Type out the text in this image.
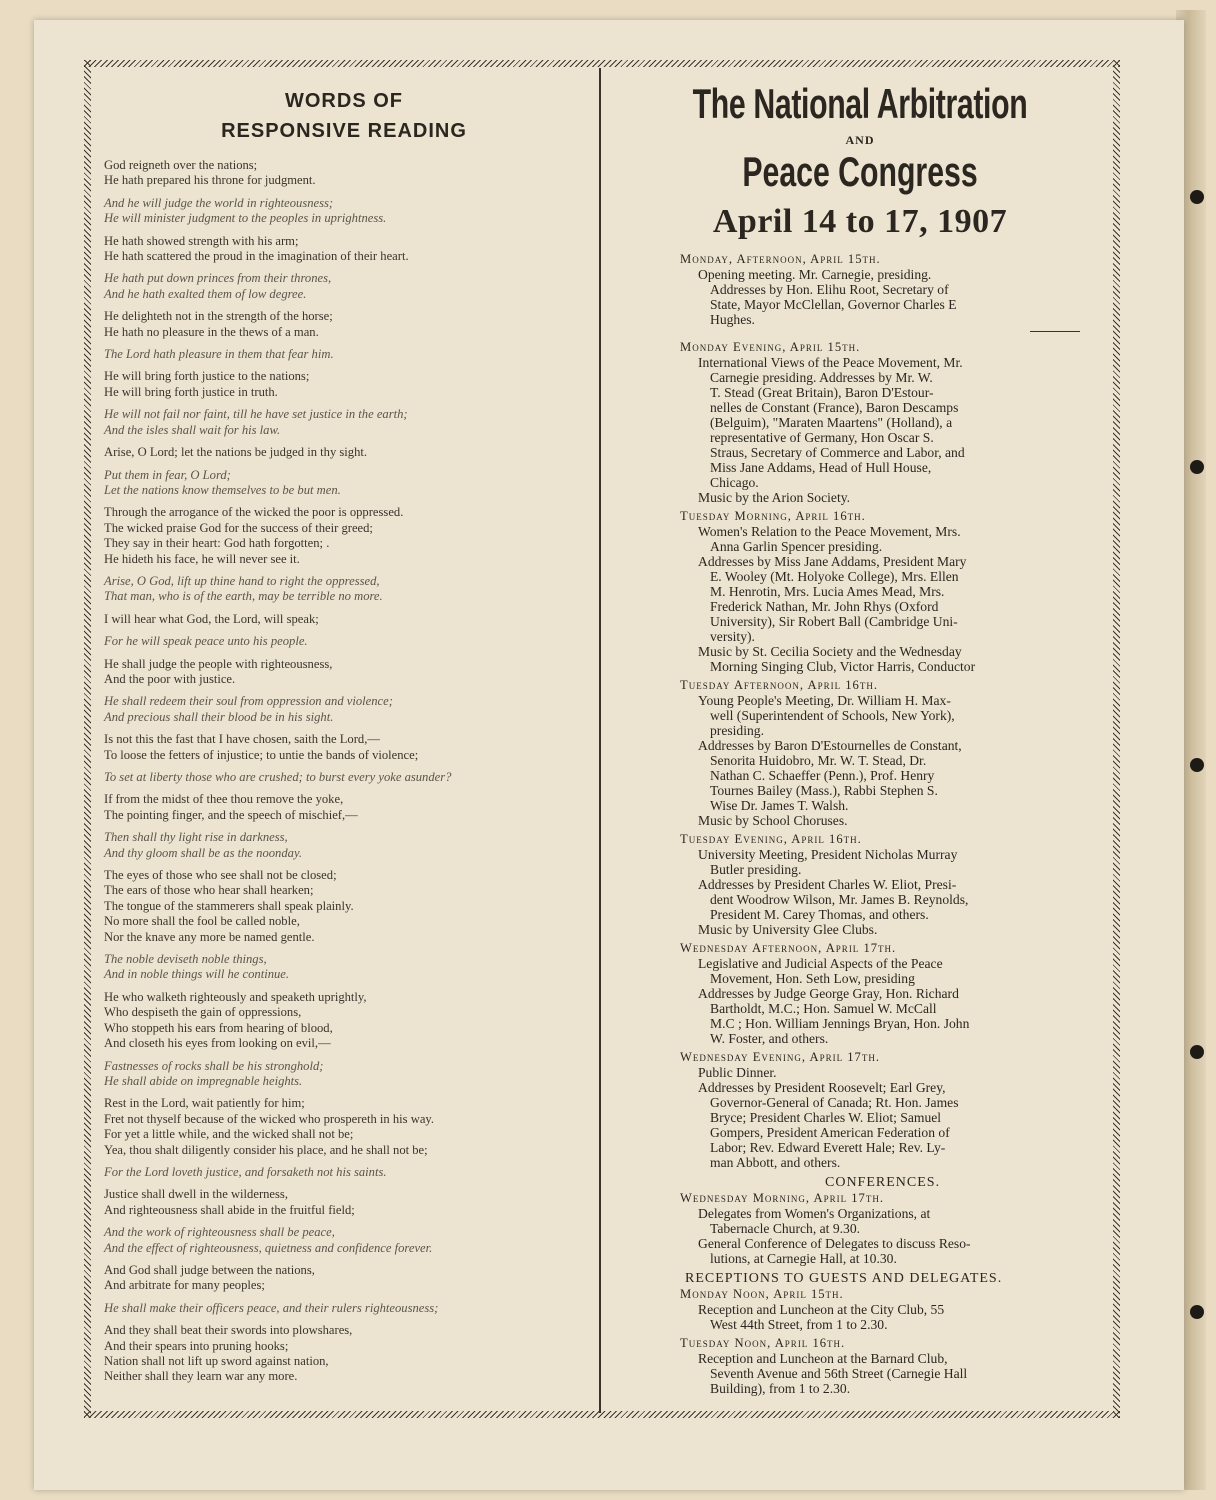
WORDS OF
RESPONSIVE READING
God reigneth over the nations;
He hath prepared his throne for judgment.
And he will judge the world in righteousness;
He will minister judgment to the peoples in uprightness.
He hath showed strength with his arm;
He hath scattered the proud in the imagination of their heart.
He hath put down princes from their thrones,
And he hath exalted them of low degree.
He delighteth not in the strength of the horse;
He hath no pleasure in the thews of a man.
The Lord hath pleasure in them that fear him.
He will bring forth justice to the nations;
He will bring forth justice in truth.
He will not fail nor faint, till he have set justice in the earth;
And the isles shall wait for his law.
Arise, O Lord; let the nations be judged in thy sight.
Put them in fear, O Lord;
Let the nations know themselves to be but men.
Through the arrogance of the wicked the poor is oppressed.
The wicked praise God for the success of their greed;
They say in their heart: God hath forgotten; .
He hideth his face, he will never see it.
Arise, O God, lift up thine hand to right the oppressed,
That man, who is of the earth, may be terrible no more.
I will hear what God, the Lord, will speak;
For he will speak peace unto his people.
He shall judge the people with righteousness,
And the poor with justice.
He shall redeem their soul from oppression and violence;
And precious shall their blood be in his sight.
Is not this the fast that I have chosen, saith the Lord,—
To loose the fetters of injustice; to untie the bands of violence;
To set at liberty those who are crushed; to burst every yoke asunder?
If from the midst of thee thou remove the yoke,
The pointing finger, and the speech of mischief,—
Then shall thy light rise in darkness,
And thy gloom shall be as the noonday.
The eyes of those who see shall not be closed;
The ears of those who hear shall hearken;
The tongue of the stammerers shall speak plainly.
No more shall the fool be called noble,
Nor the knave any more be named gentle.
The noble deviseth noble things,
And in noble things will he continue.
He who walketh righteously and speaketh uprightly,
Who despiseth the gain of oppressions,
Who stoppeth his ears from hearing of blood,
And closeth his eyes from looking on evil,—
Fastnesses of rocks shall be his stronghold;
He shall abide on impregnable heights.
Rest in the Lord, wait patiently for him;
Fret not thyself because of the wicked who prospereth in his way.
For yet a little while, and the wicked shall not be;
Yea, thou shalt diligently consider his place, and he shall not be;
For the Lord loveth justice, and forsaketh not his saints.
Justice shall dwell in the wilderness,
And righteousness shall abide in the fruitful field;
And the work of righteousness shall be peace,
And the effect of righteousness, quietness and confidence forever.
And God shall judge between the nations,
And arbitrate for many peoples;
He shall make their officers peace, and their rulers righteousness;
And they shall beat their swords into plowshares,
And their spears into pruning hooks;
Nation shall not lift up sword against nation,
Neither shall they learn war any more.
The National Arbitration
AND
Peace Congress
April 14 to 17, 1907
Monday, Afternoon, April 15th.
Opening meeting. Mr. Carnegie, presiding.
Addresses by Hon. Elihu Root, Secretary of
State, Mayor McClellan, Governor Charles E
Hughes.
Monday Evening, April 15th.
International Views of the Peace Movement, Mr.
Carnegie presiding. Addresses by Mr. W.
T. Stead (Great Britain), Baron D'Estour-
nelles de Constant (France), Baron Descamps
(Belguim), "Maraten Maartens" (Holland), a
representative of Germany, Hon Oscar S.
Straus, Secretary of Commerce and Labor, and
Miss Jane Addams, Head of Hull House,
Chicago.
Music by the Arion Society.
Tuesday Morning, April 16th.
Women's Relation to the Peace Movement, Mrs.
Anna Garlin Spencer presiding.
Addresses by Miss Jane Addams, President Mary
E. Wooley (Mt. Holyoke College), Mrs. Ellen
M. Henrotin, Mrs. Lucia Ames Mead, Mrs.
Frederick Nathan, Mr. John Rhys (Oxford
University), Sir Robert Ball (Cambridge Uni-
versity).
Music by St. Cecilia Society and the Wednesday
Morning Singing Club, Victor Harris, Conductor
Tuesday Afternoon, April 16th.
Young People's Meeting, Dr. William H. Max-
well (Superintendent of Schools, New York),
presiding.
Addresses by Baron D'Estournelles de Constant,
Senorita Huidobro, Mr. W. T. Stead, Dr.
Nathan C. Schaeffer (Penn.), Prof. Henry
Tournes Bailey (Mass.), Rabbi Stephen S.
Wise Dr. James T. Walsh.
Music by School Choruses.
Tuesday Evening, April 16th.
University Meeting, President Nicholas Murray
Butler presiding.
Addresses by President Charles W. Eliot, Presi-
dent Woodrow Wilson, Mr. James B. Reynolds,
President M. Carey Thomas, and others.
Music by University Glee Clubs.
Wednesday Afternoon, April 17th.
Legislative and Judicial Aspects of the Peace
Movement, Hon. Seth Low, presiding
Addresses by Judge George Gray, Hon. Richard
Bartholdt, M.C.; Hon. Samuel W. McCall
M.C ; Hon. William Jennings Bryan, Hon. John
W. Foster, and others.
Wednesday Evening, April 17th.
Public Dinner.
Addresses by President Roosevelt; Earl Grey,
Governor-General of Canada; Rt. Hon. James
Bryce; President Charles W. Eliot; Samuel
Gompers, President American Federation of
Labor; Rev. Edward Everett Hale; Rev. Ly-
man Abbott, and others.
CONFERENCES.
Wednesday Morning, April 17th.
Delegates from Women's Organizations, at
Tabernacle Church, at 9.30.
General Conference of Delegates to discuss Reso-
lutions, at Carnegie Hall, at 10.30.
RECEPTIONS TO GUESTS AND DELEGATES.
Monday Noon, April 15th.
Reception and Luncheon at the City Club, 55
West 44th Street, from 1 to 2.30.
Tuesday Noon, April 16th.
Reception and Luncheon at the Barnard Club,
Seventh Avenue and 56th Street (Carnegie Hall
Building), from 1 to 2.30.
